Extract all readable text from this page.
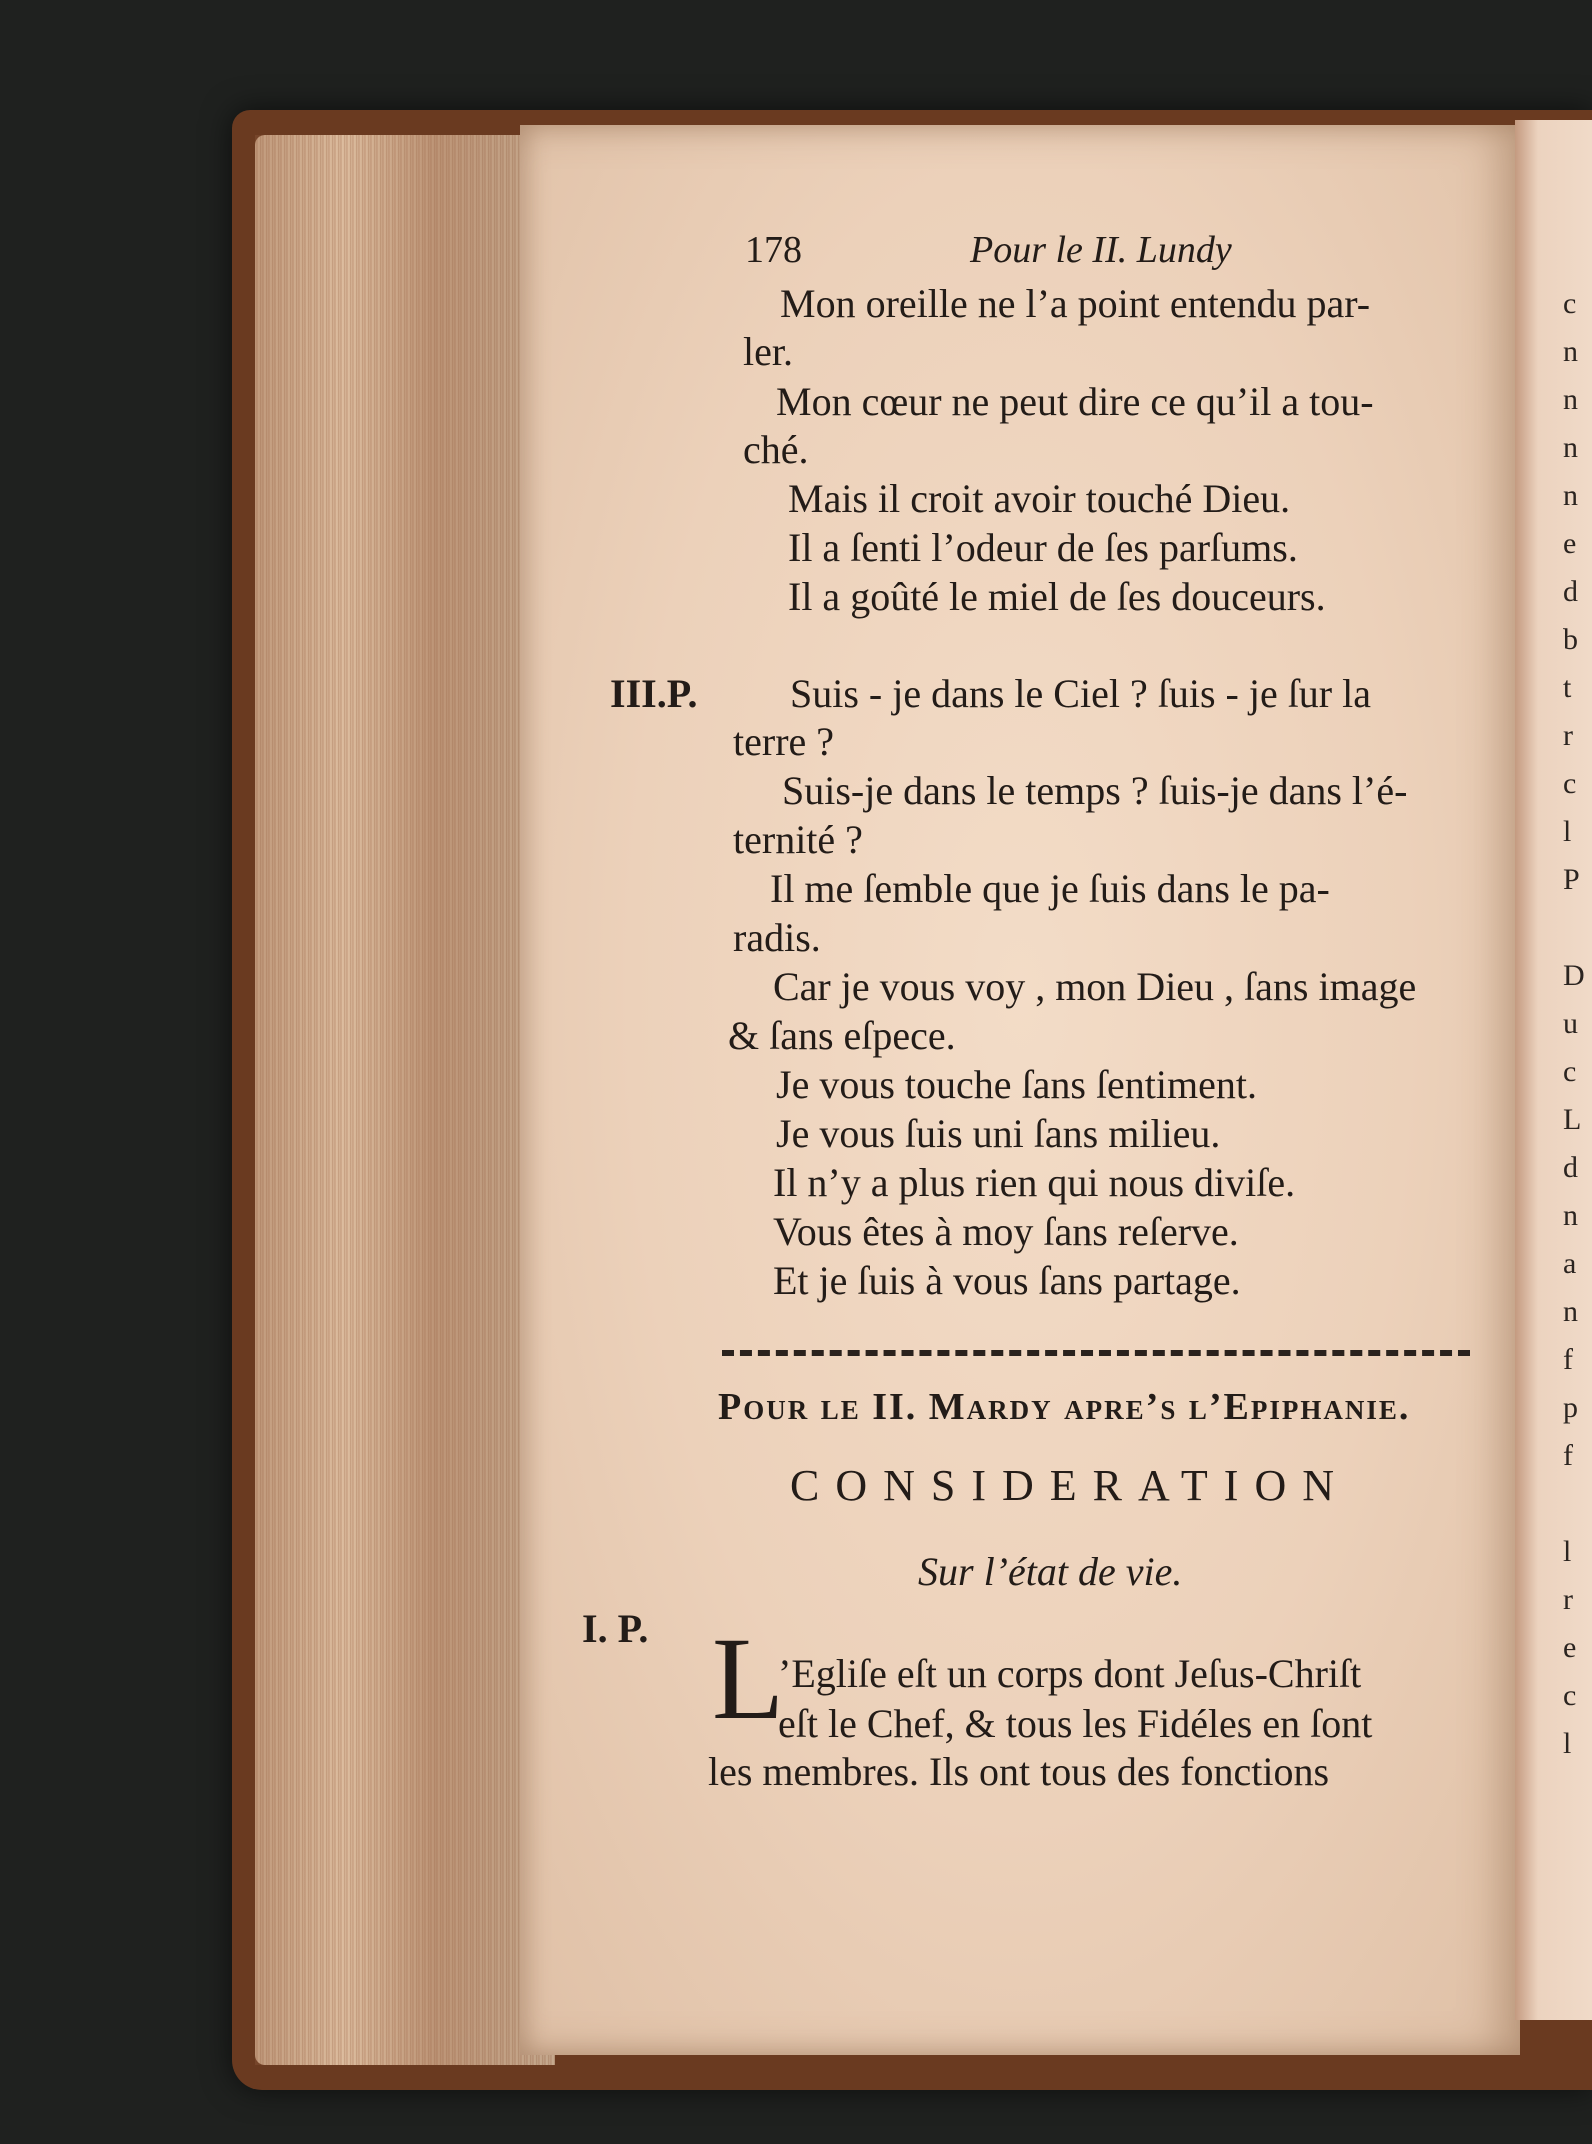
c
n
n
n
n
e
d
b
t
r
c
l
P
D
u
c
L
d
n
a
n
f
p
f
l
r
e
c
l
178	Pour le II. Lundy
Mon oreille ne l’a point entendu par-
ler.
Mon cœur ne peut dire ce qu’il a tou-
ché.
Mais il croit avoir touché Dieu.
Il a ſenti l’odeur de ſes parſums.
Il a goûté le miel de ſes douceurs.
III.P. Suis - je dans le Ciel ? ſuis - je ſur la
terre ?
Suis-je dans le temps ? ſuis-je dans l’é-
ternité ?
Il me ſemble que je ſuis dans le pa-
radis.
Car je vous voy , mon Dieu , ſans image
& ſans eſpece.
Je vous touche ſans ſentiment.
Je vous ſuis uni ſans milieu.
Il n’y a plus rien qui nous diviſe.
Vous êtes à moy ſans reſerve.
Et je ſuis à vous ſans partage.
Pour le II. Mardy apre’s l’Epiphanie.
CONSIDERATION
Sur l’état de vie.
I. P. L
’Egliſe eſt un corps dont Jeſus-Chriſt
eſt le Chef, & tous les Fidéles en ſont
les membres. Ils ont tous des fonctions
